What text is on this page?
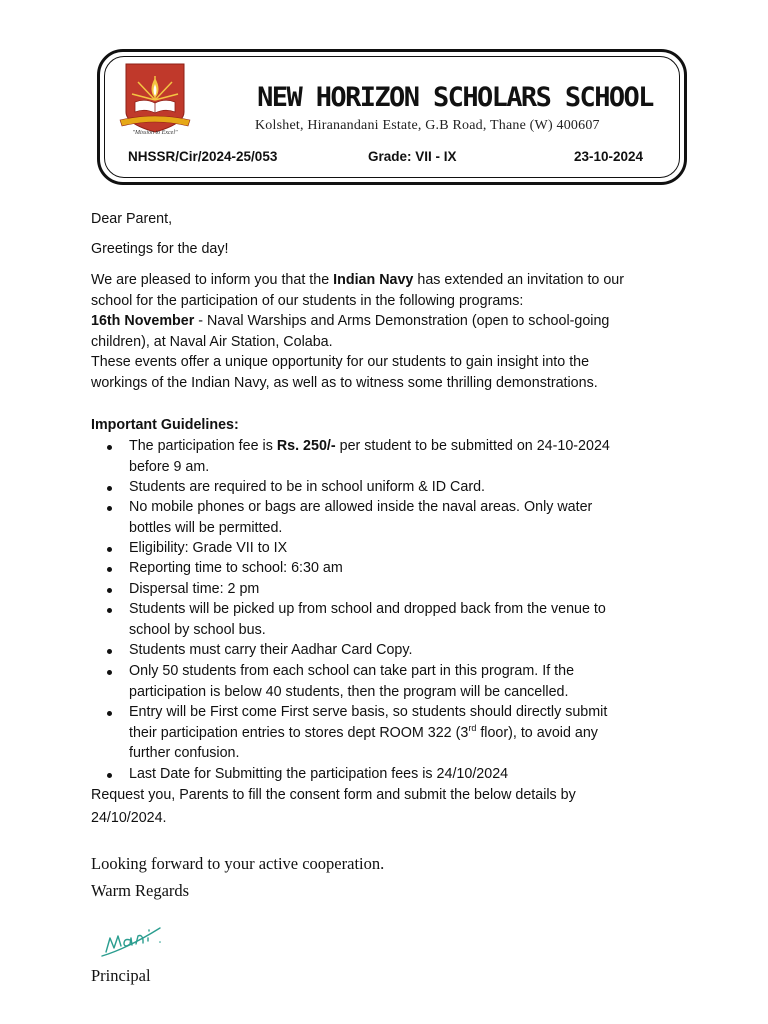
"Mission to Excel"
NEW HORIZON SCHOLARS SCHOOL
Kolshet, Hiranandani Estate, G.B Road, Thane (W) 400607
NHSSR/Cir/2024-25/053	Grade: VII - IX	23-10-2024
Dear Parent,
Greetings for the day!
We are pleased to inform you that the Indian Navy has extended an invitation to our
school for the participation of our students in the following programs:
16th November - Naval Warships and Arms Demonstration (open to school-going
children), at Naval Air Station, Colaba.
These events offer a unique opportunity for our students to gain insight into the
workings of the Indian Navy, as well as to witness some thrilling demonstrations.
Important Guidelines:
The participation fee is Rs. 250/- per student to be submitted on 24-10-2024
before 9 am.
Students are required to be in school uniform & ID Card.
No mobile phones or bags are allowed inside the naval areas. Only water
bottles will be permitted.
Eligibility: Grade VII to IX
Reporting time to school: 6:30 am
Dispersal time: 2 pm
Students will be picked up from school and dropped back from the venue to
school by school bus.
Students must carry their Aadhar Card Copy.
Only 50 students from each school can take part in this program. If the
participation is below 40 students, then the program will be cancelled.
Entry will be First come First serve basis, so students should directly submit
their participation entries to stores dept ROOM 322 (3rd floor), to avoid any
further confusion.
Last Date for Submitting the participation fees is 24/10/2024
Request you, Parents to fill the consent form and submit the below details by
24/10/2024.
Looking forward to your active cooperation.
Warm Regards
Principal
